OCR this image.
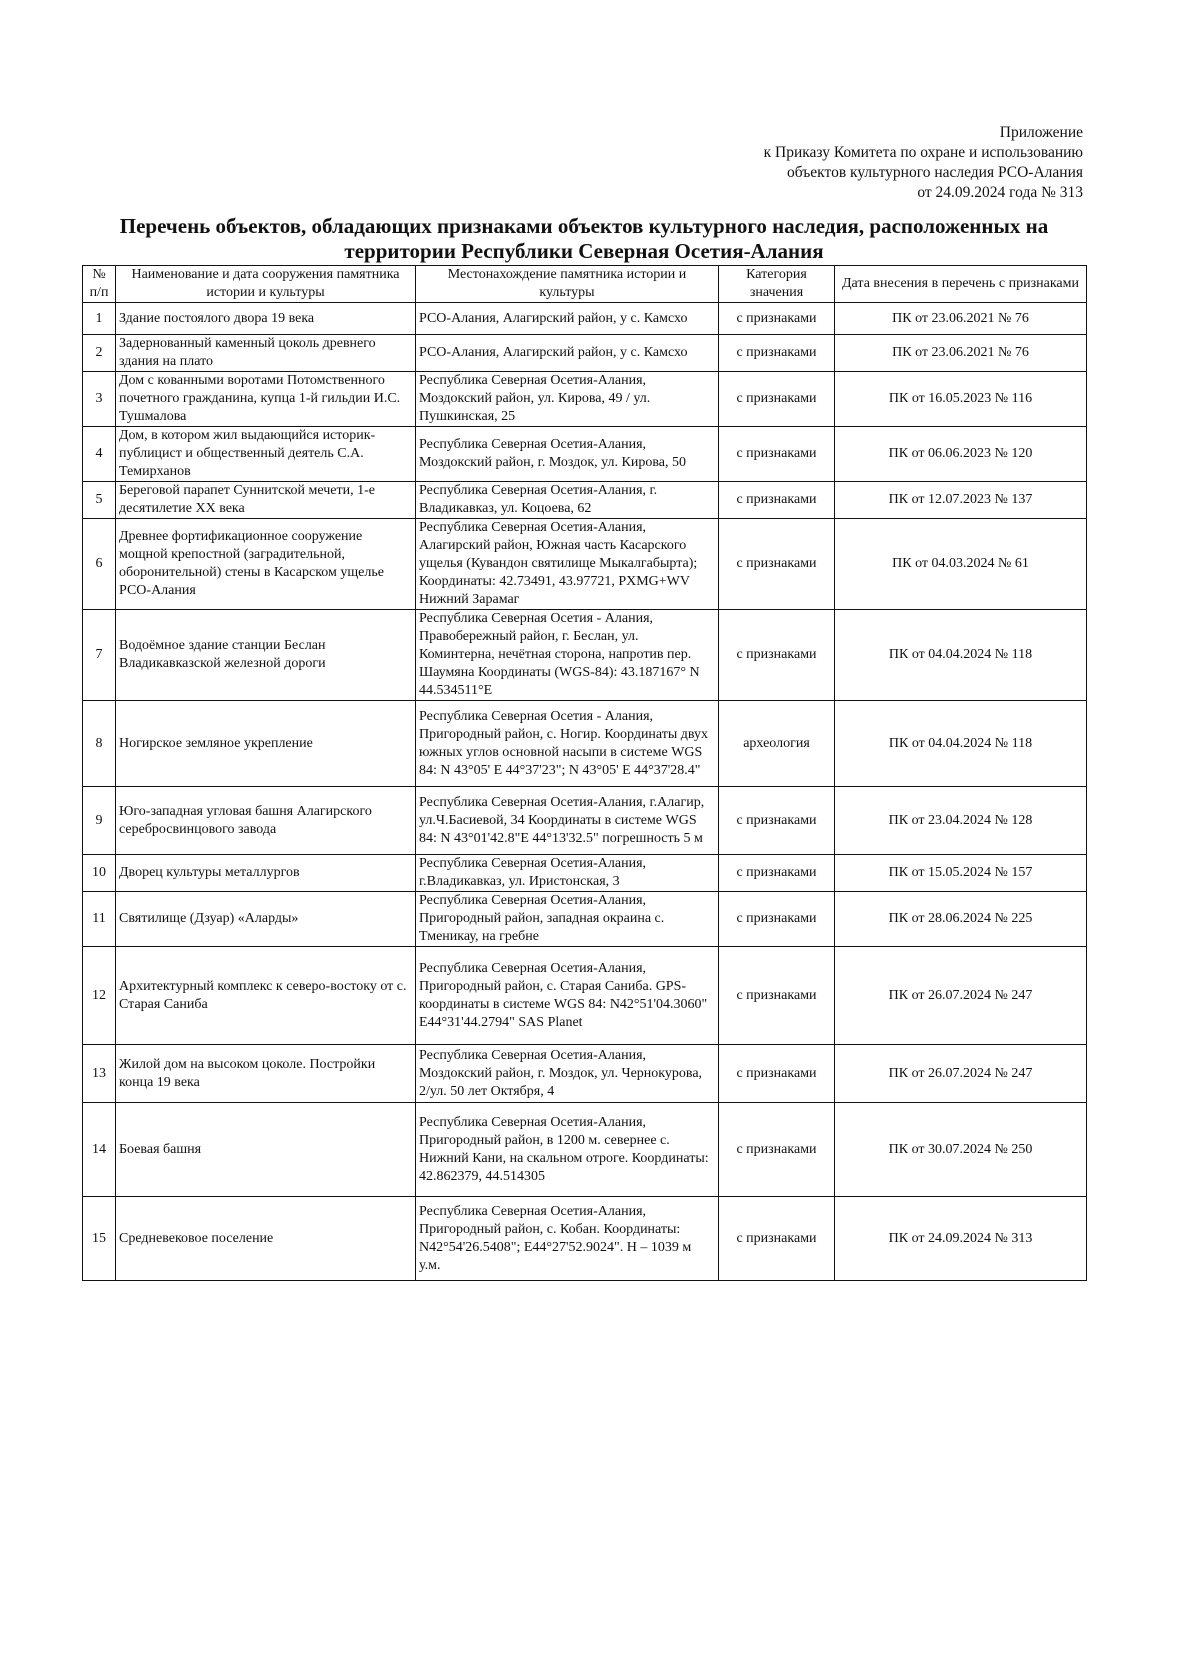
Приложение
к Приказу Комитета по охране и использованию
объектов культурного наследия РСО-Алания
от 24.09.2024 года № 313
Перечень объектов, обладающих признаками объектов культурного наследия, расположенных на территории Республики Северная Осетия-Алания
№ п/п	Наименование и дата сооружения памятника истории и культуры	Местонахождение памятника истории и культуры	Категория значения	Дата внесения в перечень с признаками
1	Здание постоялого двора 19 века	РСО-Алания, Алагирский район, у с. Камсхо	с признаками	ПК от 23.06.2021 № 76
2	Задернованный каменный цоколь древнего здания на плато	РСО-Алания, Алагирский район, у с. Камсхо	с признаками	ПК от 23.06.2021 № 76
3	Дом с кованными воротами Потомственного почетного гражданина, купца 1-й гильдии И.С. Тушмалова	Республика Северная Осетия-Алания, Моздокский район, ул. Кирова, 49 / ул. Пушкинская, 25	с признаками	ПК от 16.05.2023 № 116
4	Дом, в котором жил выдающийся историк-публицист и общественный деятель С.А. Темирханов	Республика Северная Осетия-Алания, Моздокский район, г. Моздок, ул. Кирова, 50	с признаками	ПК от 06.06.2023 № 120
5	Береговой парапет Суннитской мечети, 1-е десятилетие XX века	Республика Северная Осетия-Алания, г. Владикавказ, ул. Коцоева, 62	с признаками	ПК от 12.07.2023 № 137
6	Древнее фортификационное сооружение мощной крепостной (заградительной, оборонительной) стены в Касарском ущелье РСО-Алания	Республика Северная Осетия-Алания, Алагирский район, Южная часть Касарского ущелья (Кувандон святилище Мыкалгабырта); Координаты: 42.73491, 43.97721, PXMG+WV Нижний Зарамаг	с признаками	ПК от 04.03.2024 № 61
7	Водоёмное здание станции Беслан Владикавказской железной дороги	Республика Северная Осетия - Алания, Правобережный район, г. Беслан, ул. Коминтерна, нечётная сторона, напротив пер. Шаумяна Координаты (WGS-84): 43.187167° N 44.534511°E	с признаками	ПК от 04.04.2024 № 118
8	Ногирское земляное укрепление	Республика Северная Осетия - Алания, Пригородный район, с. Ногир. Координаты двух южных углов основной насыпи в системе WGS 84: N 43°05' E 44°37'23"; N 43°05' E 44°37'28.4"	археология	ПК от 04.04.2024 № 118
9	Юго-западная угловая башня Алагирского серебросвинцового завода	Республика Северная Осетия-Алания, г.Алагир, ул.Ч.Басиевой, 34 Координаты в системе WGS 84: N 43°01'42.8"E 44°13'32.5" погрешность 5 м	с признаками	ПК от 23.04.2024 № 128
10	Дворец культуры металлургов	Республика Северная Осетия-Алания, г.Владикавказ, ул. Иристонская, 3	с признаками	ПК от 15.05.2024 № 157
11	Святилище (Дзуар) «Аларды»	Республика Северная Осетия-Алания, Пригородный район, западная окраина с. Тменикау, на гребне	с признаками	ПК от 28.06.2024 № 225
12	Архитектурный комплекс к северо-востоку от с. Старая Саниба	Республика Северная Осетия-Алания, Пригородный район, с. Старая Саниба. GPS-координаты в системе WGS 84: N42°51'04.3060" E44°31'44.2794" SAS Planet	с признаками	ПК от 26.07.2024 № 247
13	Жилой дом на высоком цоколе. Постройки конца 19 века	Республика Северная Осетия-Алания, Моздокский район, г. Моздок, ул. Чернокурова, 2/ул. 50 лет Октября, 4	с признаками	ПК от 26.07.2024 № 247
14	Боевая башня	Республика Северная Осетия-Алания, Пригородный район, в 1200 м. севернее с. Нижний Кани, на скальном отроге. Координаты: 42.862379, 44.514305	с признаками	ПК от 30.07.2024 № 250
15	Средневековое поселение	Республика Северная Осетия-Алания, Пригородный район, с. Кобан. Координаты: N42°54'26.5408"; E44°27'52.9024". Н – 1039 м у.м.	с признаками	ПК от 24.09.2024 № 313
